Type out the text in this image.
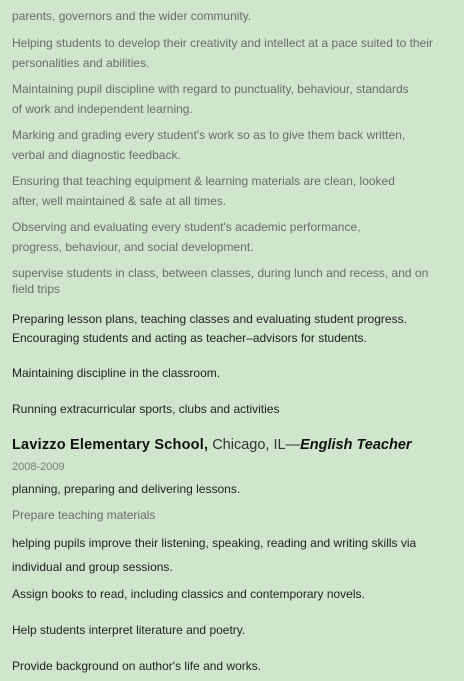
parents, governors and the wider community.
Helping students to develop their creativity and intellect at a pace suited to their
personalities and abilities.
Maintaining pupil discipline with regard to punctuality, behaviour, standards
of work and independent learning.
Marking and grading every student's work so as to give them back written,
verbal and diagnostic feedback.
Ensuring that teaching equipment & learning materials are clean, looked
after, well maintained & safe at all times.
Observing and evaluating every student's academic performance,
progress, behaviour, and social development.
supervise students in class, between classes, during lunch and recess, and on
field trips
Preparing lesson plans, teaching classes and evaluating student progress.
Encouraging students and acting as teacher–advisors for students.
Maintaining discipline in the classroom.
Running extracurricular sports, clubs and activities
Lavizzo Elementary School, Chicago, IL—English Teacher
2008-2009
planning, preparing and delivering lessons.
Prepare teaching materials
helping pupils improve their listening, speaking, reading and writing skills via
individual and group sessions.
Assign books to read, including classics and contemporary novels.
Help students interpret literature and poetry.
Provide background on author's life and works.
